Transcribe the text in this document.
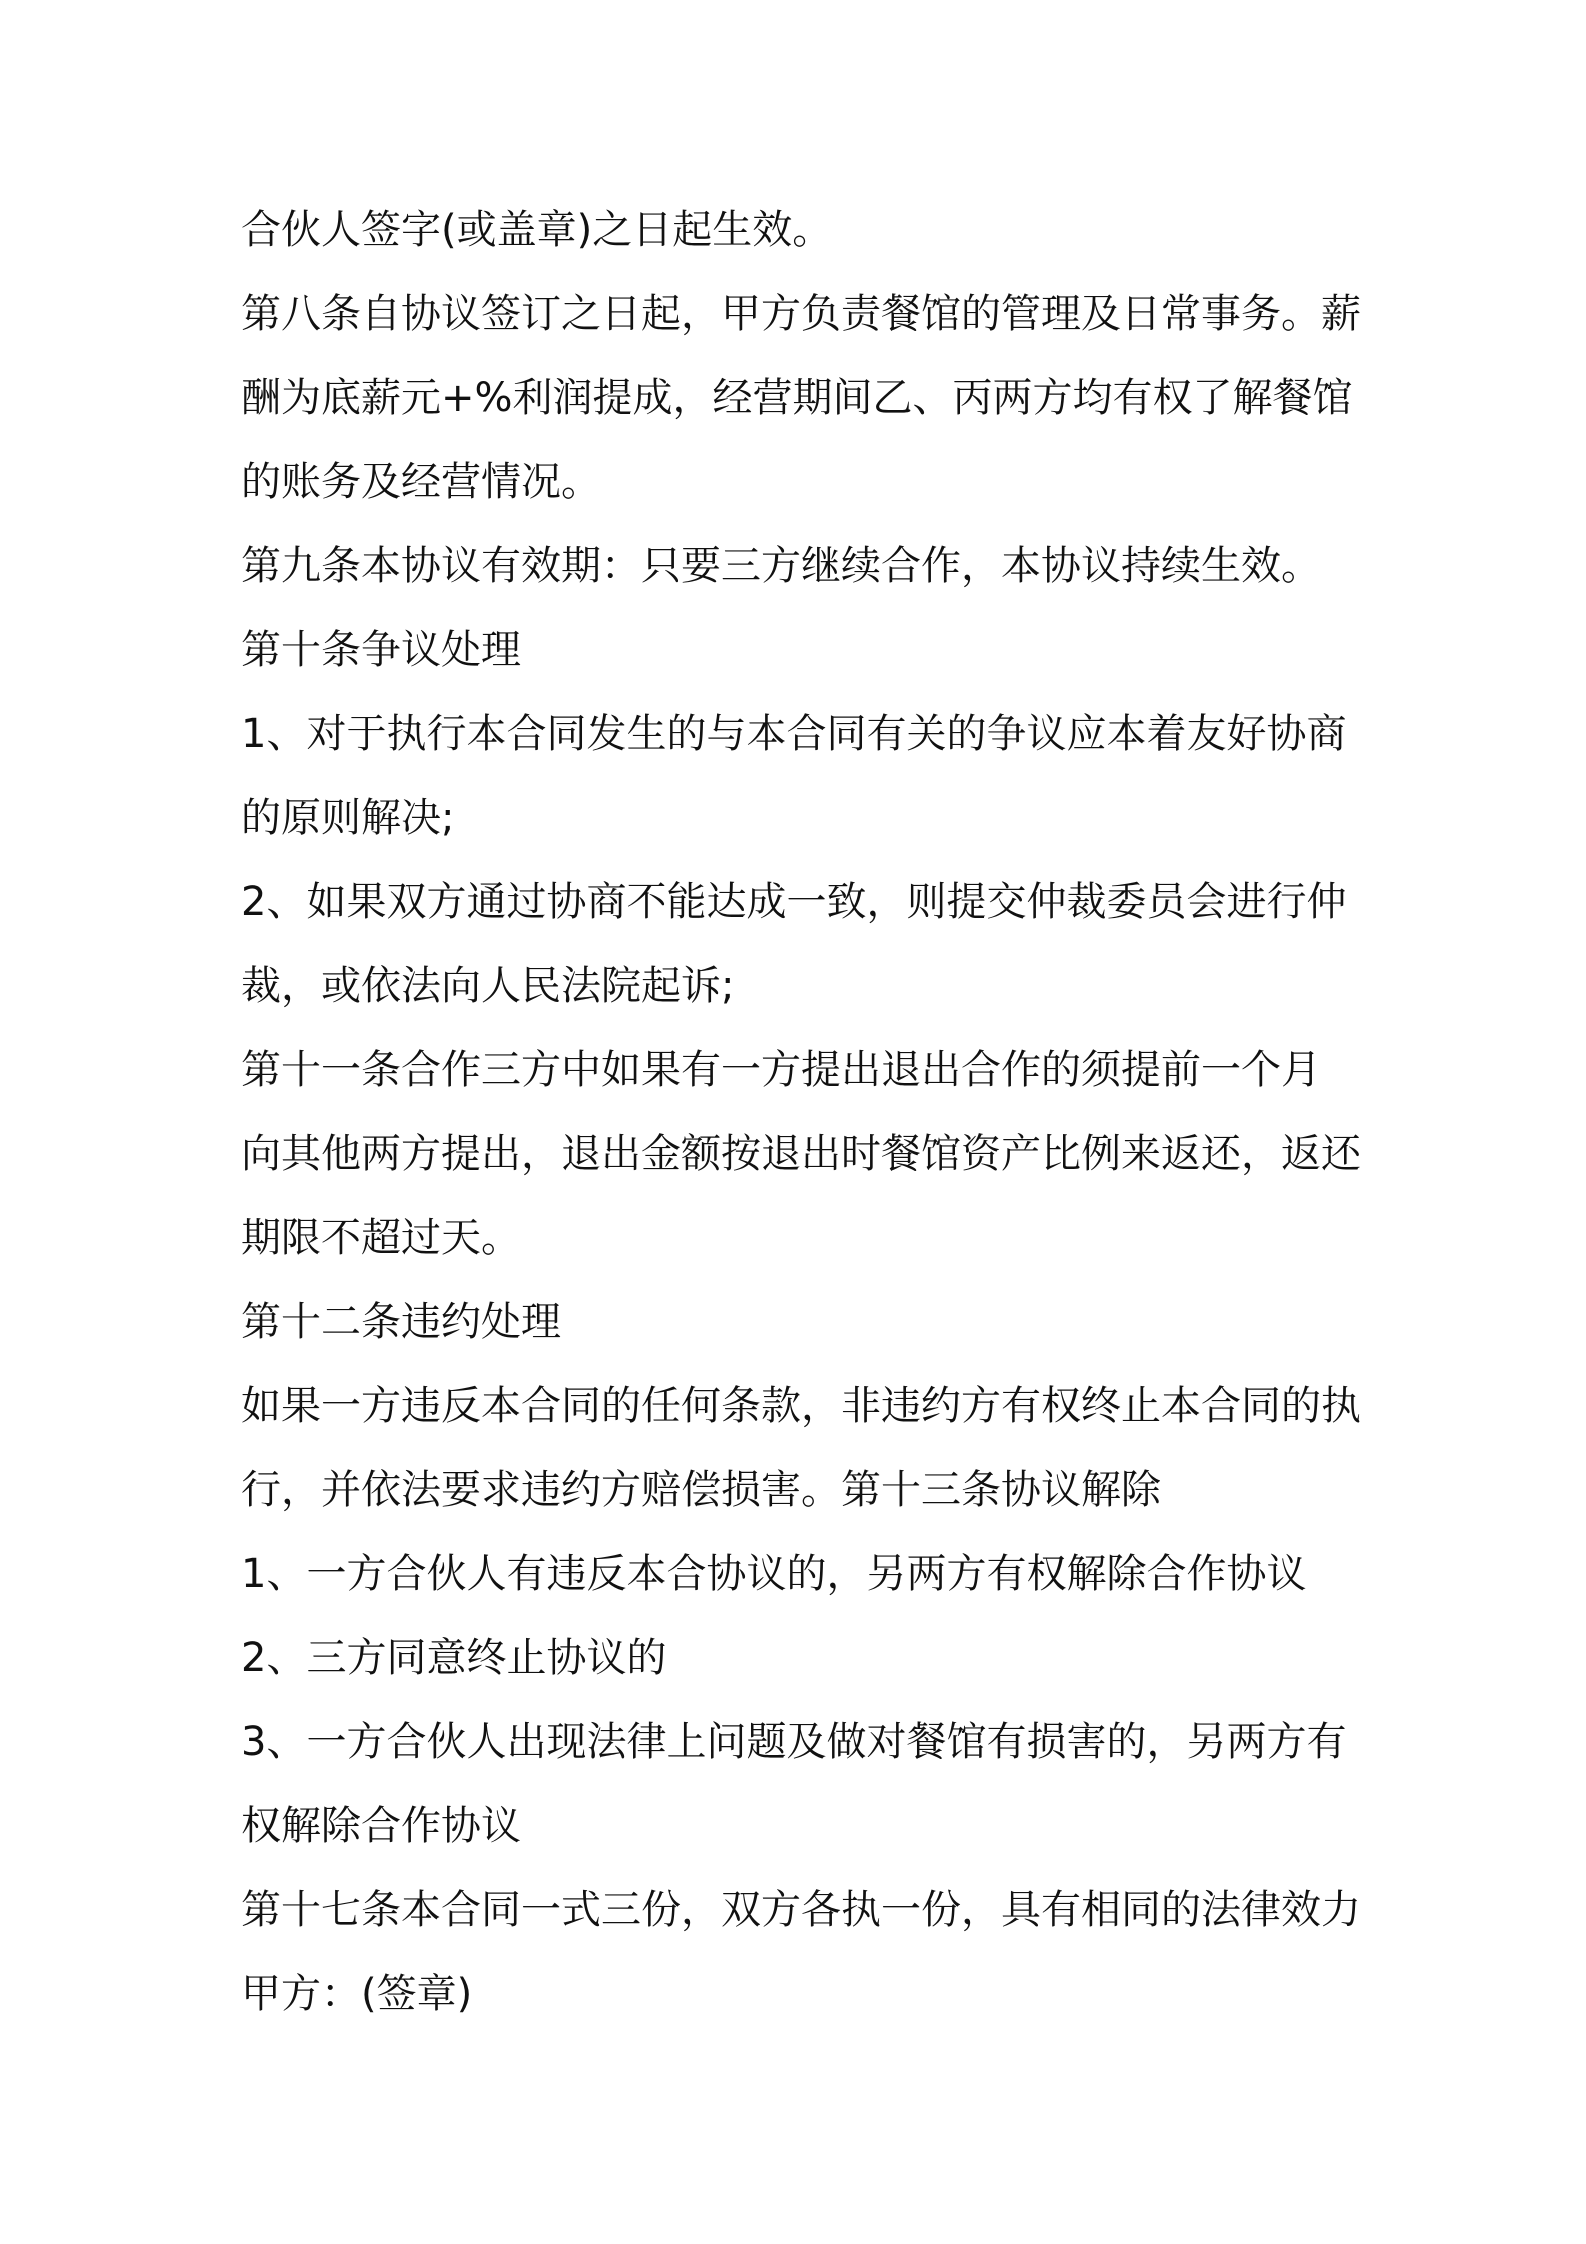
合伙人签字(或盖章)之日起生效。
第八条自协议签订之日起，甲方负责餐馆的管理及日常事务。薪
酬为底薪元+%利润提成，经营期间乙、丙两方均有权了解餐馆
的账务及经营情况。
第九条本协议有效期：只要三方继续合作，本协议持续生效。
第十条争议处理
1、对于执行本合同发生的与本合同有关的争议应本着友好协商
的原则解决;
2、如果双方通过协商不能达成一致，则提交仲裁委员会进行仲
裁，或依法向人民法院起诉;
第十一条合作三方中如果有一方提出退出合作的须提前一个月
向其他两方提出，退出金额按退出时餐馆资产比例来返还，返还
期限不超过天。
第十二条违约处理
如果一方违反本合同的任何条款，非违约方有权终止本合同的执
行，并依法要求违约方赔偿损害。第十三条协议解除
1、一方合伙人有违反本合协议的，另两方有权解除合作协议
2、三方同意终止协议的
3、一方合伙人出现法律上问题及做对餐馆有损害的，另两方有
权解除合作协议
第十七条本合同一式三份，双方各执一份，具有相同的法律效力
甲方：(签章)
